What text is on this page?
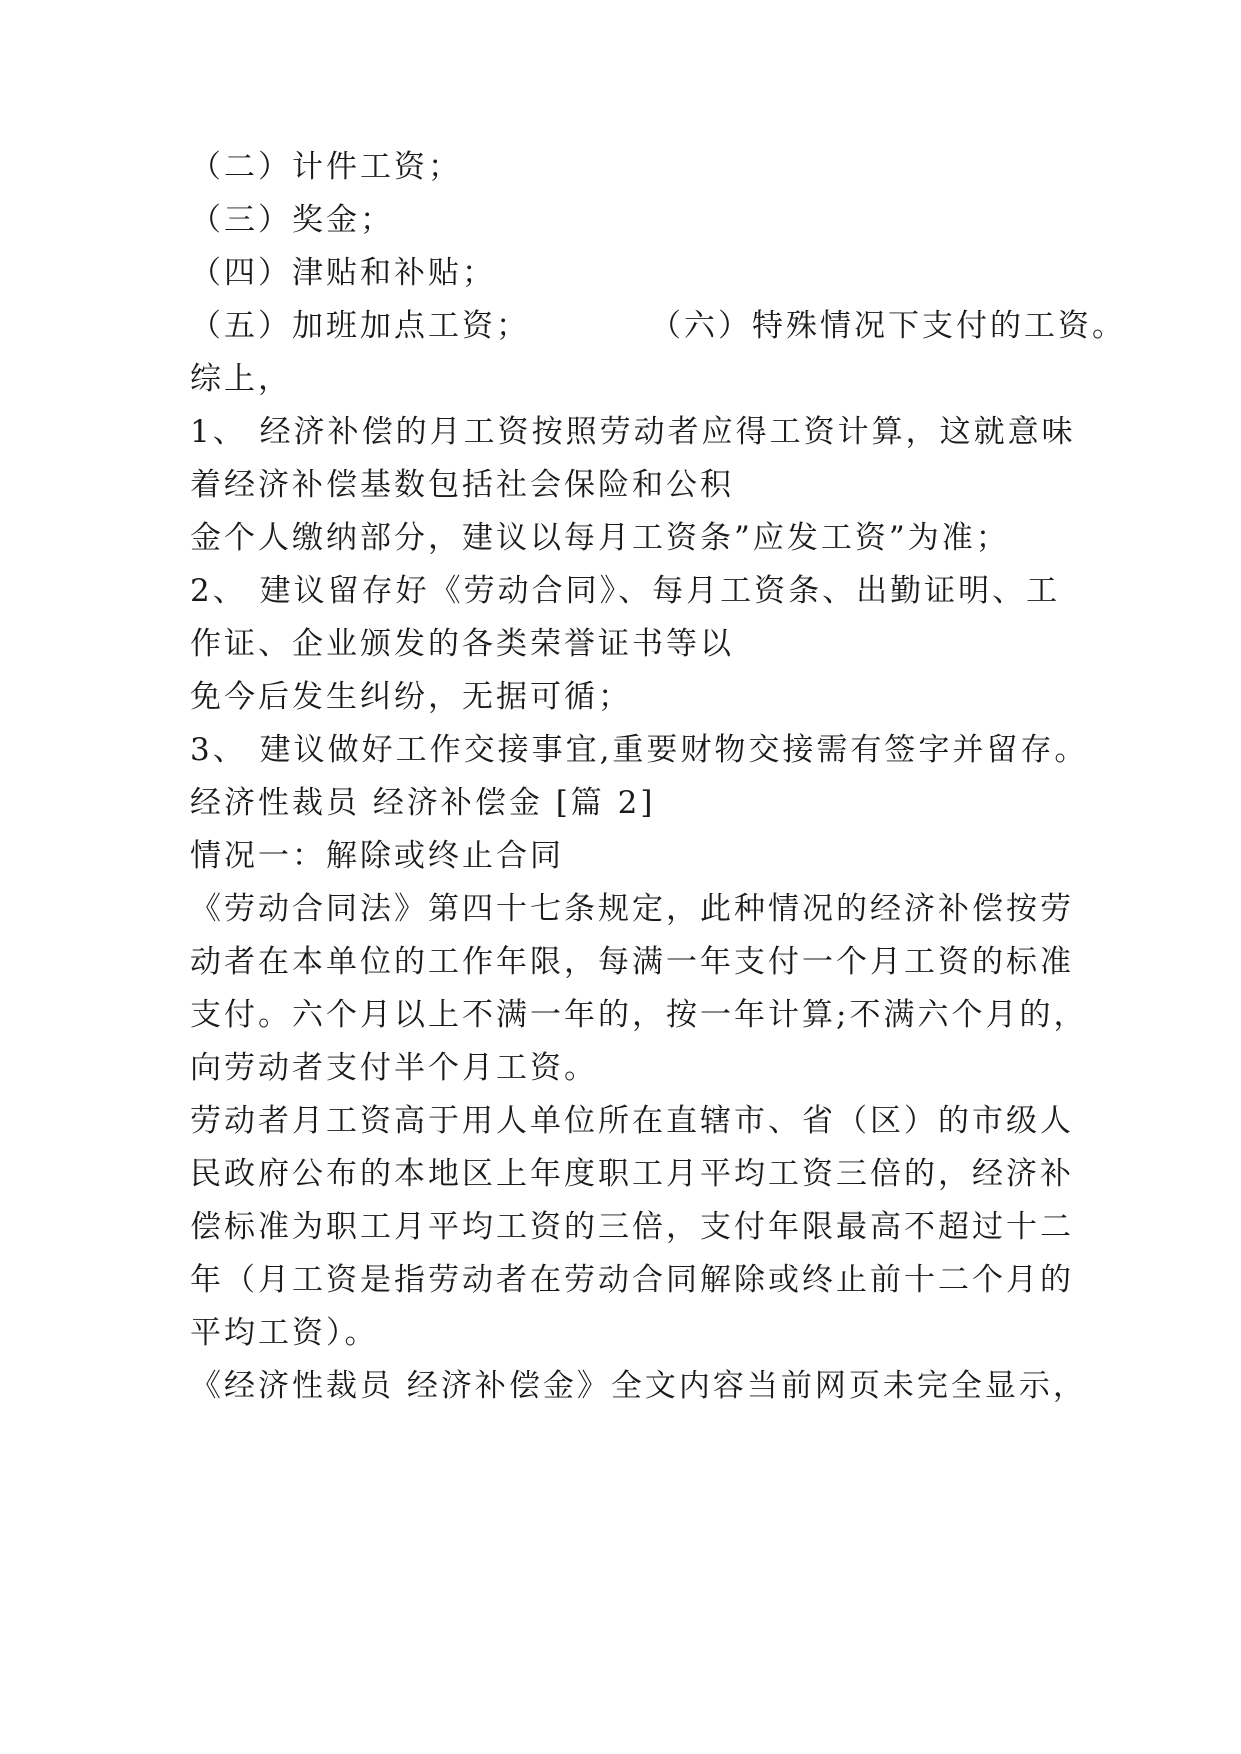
（二）计件工资；
（三）奖金；
（四）津贴和补贴；
（五）加班加点工资；	（六）特殊情况下支付的工资。
综上，
1、 经济补偿的月工资按照劳动者应得工资计算，这就意味
着经济补偿基数包括社会保险和公积
金个人缴纳部分，建议以每月工资条”应发工资”为准；
2、 建议留存好《劳动合同》、每月工资条、出勤证明、工
作证、企业颁发的各类荣誉证书等以
免今后发生纠纷，无据可循；
3、 建议做好工作交接事宜,重要财物交接需有签字并留存。
经济性裁员 经济补偿金 [篇 2]
情况一：解除或终止合同
《劳动合同法》第四十七条规定，此种情况的经济补偿按劳
动者在本单位的工作年限，每满一年支付一个月工资的标准
支付。六个月以上不满一年的，按一年计算;不满六个月的，
向劳动者支付半个月工资。
劳动者月工资高于用人单位所在直辖市、省（区）的市级人
民政府公布的本地区上年度职工月平均工资三倍的，经济补
偿标准为职工月平均工资的三倍，支付年限最高不超过十二
年（月工资是指劳动者在劳动合同解除或终止前十二个月的
平均工资）。
《经济性裁员 经济补偿金》全文内容当前网页未完全显示，
